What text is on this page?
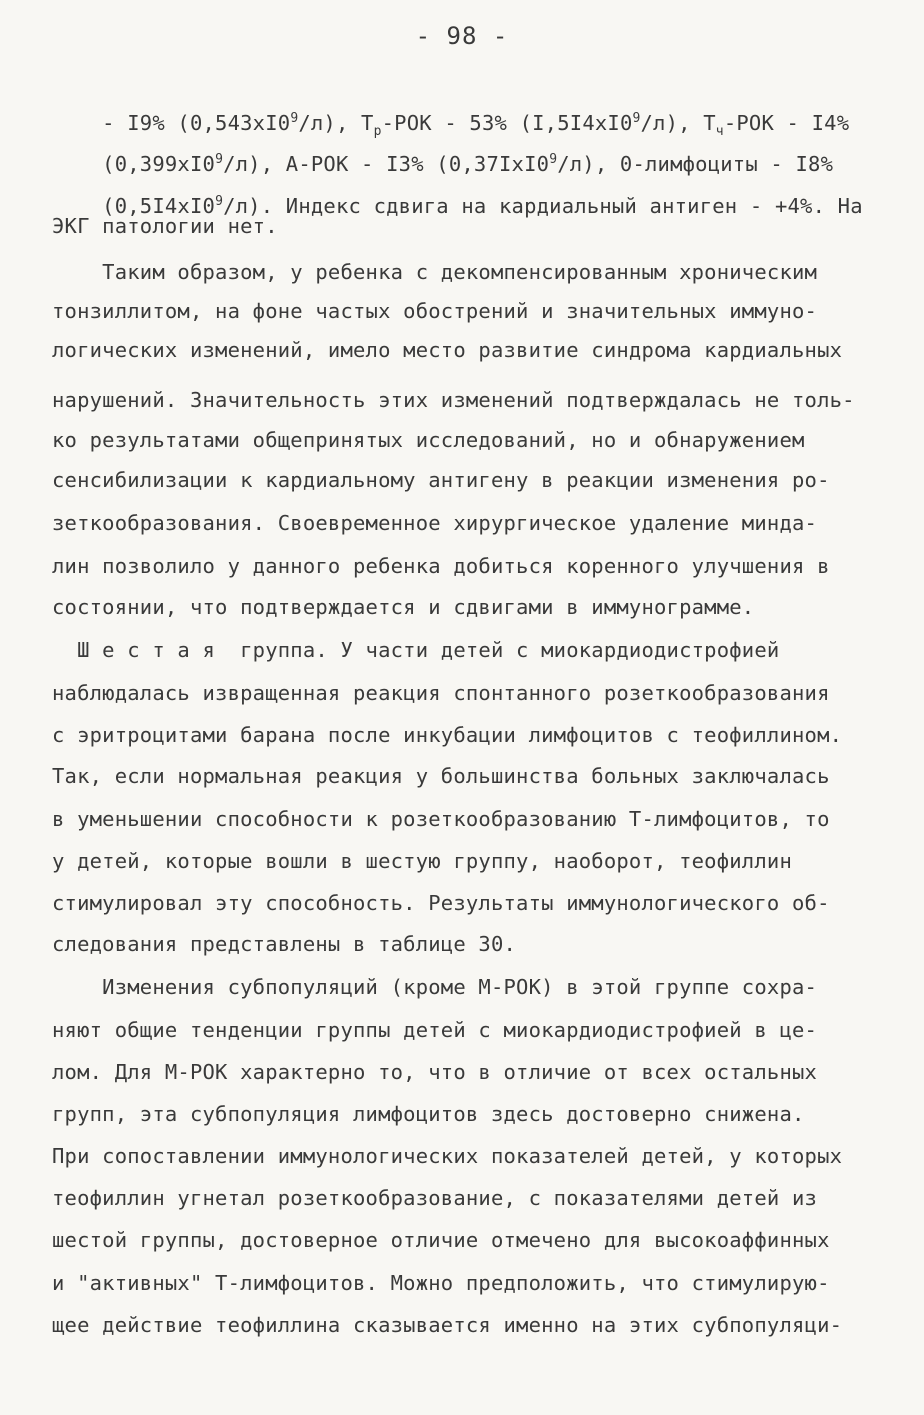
- 98 -

- I9% $(0,543xI0^9/л)$, $T_р$-РОК - 53% $(I,5I4xI0^9/л)$, $T_ч$-РОК - I4%

$(0,399xI0^9/л)$, А-РОК - I3% $(0,37IxI0^9/л)$, 0-лимфоциты - I8%

$(0,5I4xI0^9/л)$. Индекс сдвига на кардиальный антиген - +4%. На

ЭКГ патологии нет.
Таким образом, у ребенка с декомпенсированным хроническим
тонзиллитом, на фоне частых обострений и значительных иммуно-
логических изменений, имело место развитие синдрома кардиальных
нарушений. Значительность этих изменений подтверждалась не толь-
ко результатами общепринятых исследований, но и обнаружением
сенсибилизации к кардиальному антигену в реакции изменения ро-
зеткообразования. Своевременное хирургическое удаление минда-
лин позволило у данного ребенка добиться коренного улучшения в
состоянии, что подтверждается и сдвигами в иммунограмме.
Ш е с т а я  группа. У части детей с миокардиодистрофией
наблюдалась извращенная реакция спонтанного розеткообразования
с эритроцитами барана после инкубации лимфоцитов с теофиллином.
Так, если нормальная реакция у большинства больных заключалась
в уменьшении способности к розеткообразованию Т-лимфоцитов, то
у детей, которые вошли в шестую группу, наоборот, теофиллин
стимулировал эту способность. Результаты иммунологического об-
следования представлены в таблице 30.
Изменения субпопуляций (кроме М-РОК) в этой группе сохра-
няют общие тенденции группы детей с миокардиодистрофией в це-
лом. Для М-РОК характерно то, что в отличие от всех остальных
групп, эта субпопуляция лимфоцитов здесь достоверно снижена.
При сопоставлении иммунологических показателей детей, у которых
теофиллин угнетал розеткообразование, с показателями детей из
шестой группы, достоверное отличие отмечено для высокоаффинных
и "активных" Т-лимфоцитов. Можно предположить, что стимулирую-
щее действие теофиллина сказывается именно на этих субпопуляци-
